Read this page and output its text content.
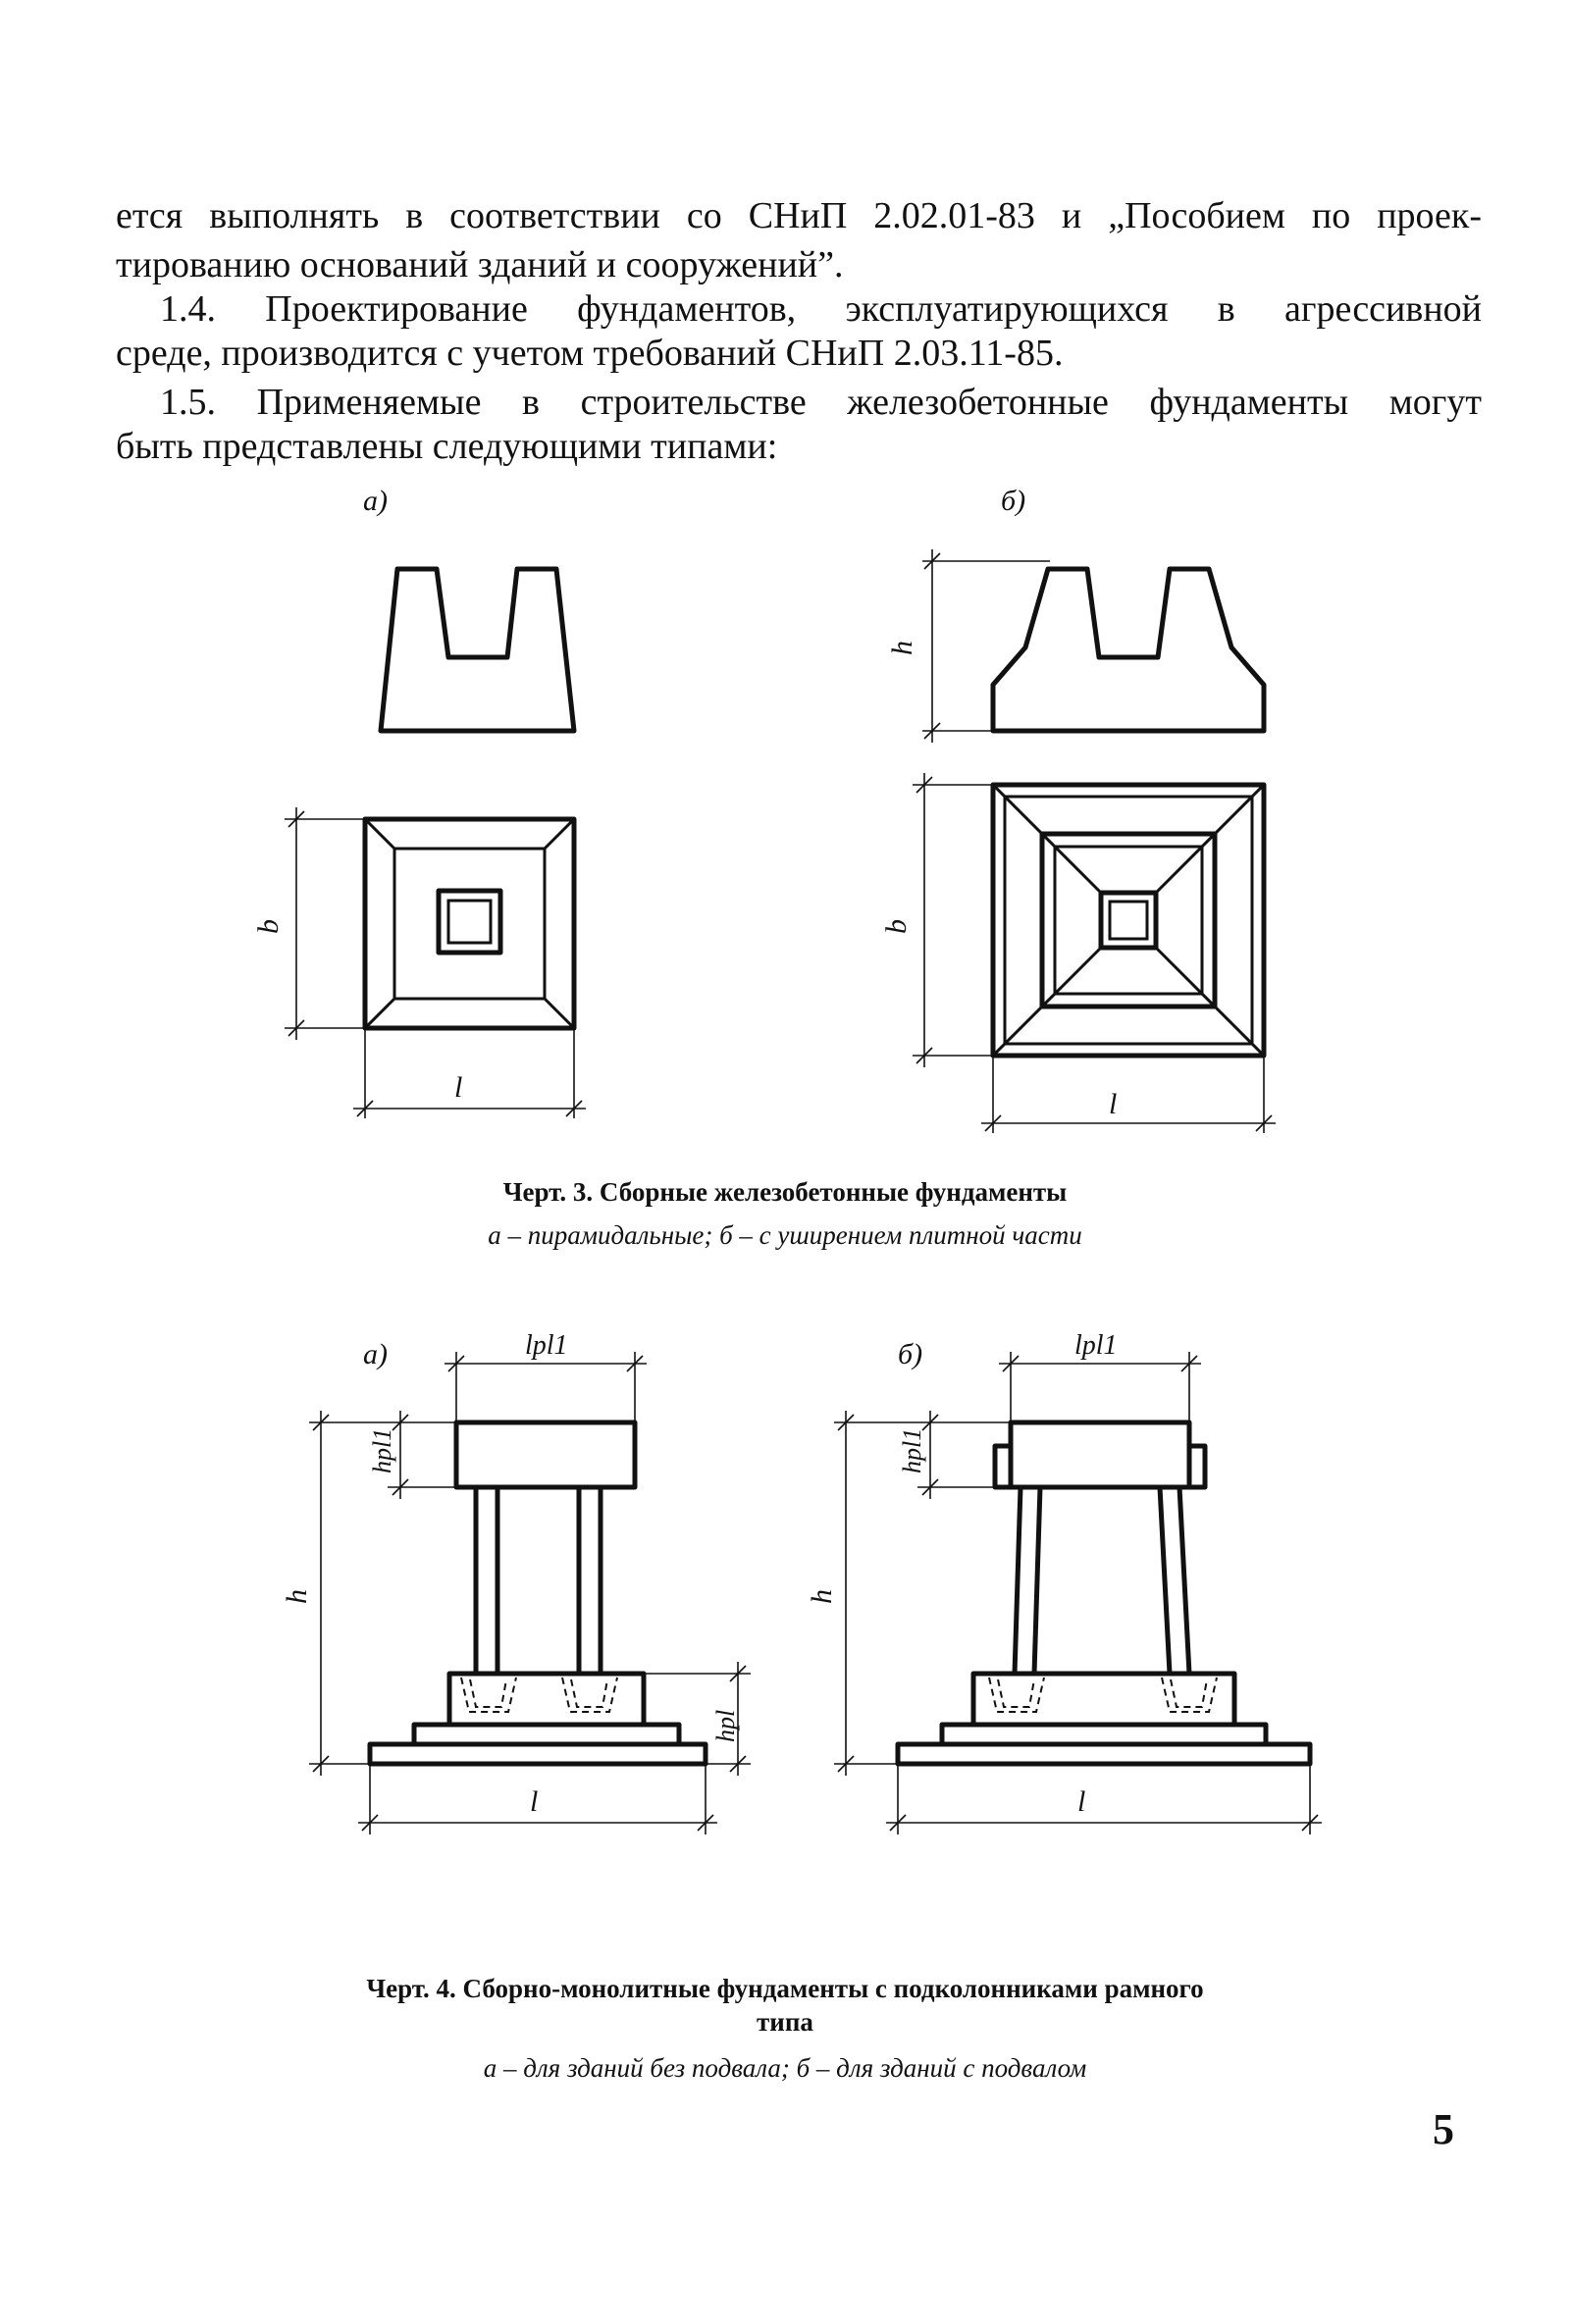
ется выполнять в соответствии со СНиП 2.02.01-83 и „Пособием по проек-
тированию оснований зданий и сооружений”.
1.4. Проектирование фундаментов, эксплуатирующихся в агрессивной
среде, производится с учетом требований СНиП 2.03.11-85.
1.5. Применяемые в строительстве железобетонные фундаменты могут
быть представлены следующими типами:
а)	б)
h
b
l
b
l
Черт. 3. Сборные железобетонные фундаменты
а – пирамидальные; б – с уширением плитной части
а)	б)
lpl1
hpl1
h
hpl
l
lpl1
hpl1
h
l
Черт. 4. Сборно-монолитные фундаменты с подколонниками рамного
типа
а – для зданий без подвала; б – для зданий с подвалом
5
